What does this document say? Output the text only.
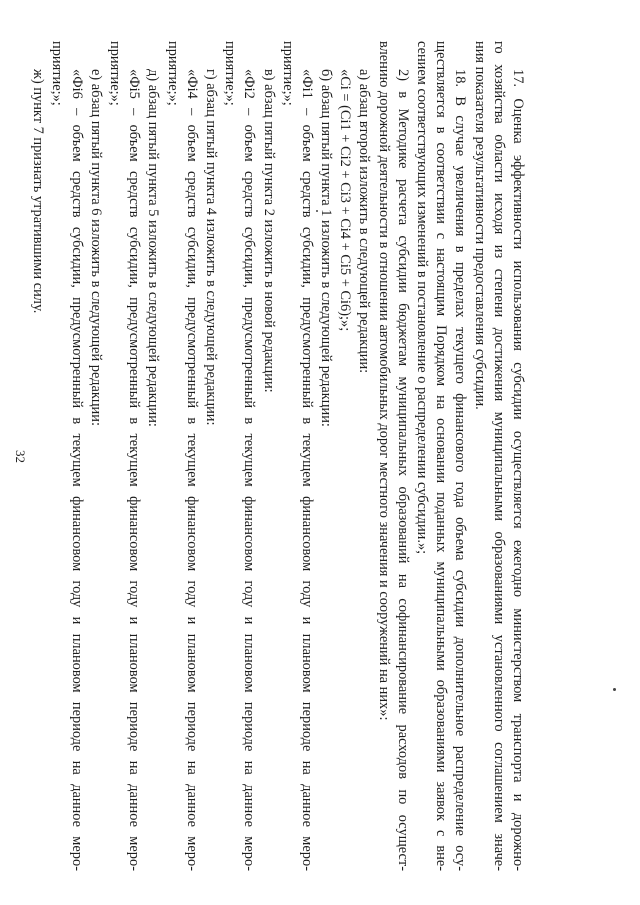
32	17. Оценка эффективности использования субсидии осуществляется ежегодно министерством транспорта и дорожно-
го хозяйства области исходя из степени достижения муниципальными образованиями установленного соглашением значе-
ния показателя результативности предоставления субсидии.
18. В случае увеличения в пределах текущего финансового года объема субсидии дополнительное распределение осу-
ществляется в соответствии с настоящим Порядком на основании поданных муниципальными образованиями заявок с вне-
сением соответствующих изменений в постановление о распределении субсидии.»;
2) в Методике расчета субсидии бюджетам муниципальных образований на софинансирование расходов по осущест-
влению дорожной деятельности в отношении автомобильных дорог местного значения и сооружений на них»:
а) абзац второй изложить в следующей редакции:
«Ci = (Ci1 + Ci2 + Ci3 + Ci4 + Ci5 + Ci6);»;
б) абзац пятый пункта 1 изложить в следующей редакции:
«Фi1 – объем средств субсидии, предусмотренный в текущем финансовом году и плановом периоде на данное меро-
приятие;»;
в) абзац пятый пункта 2 изложить в новой редакции:
«Фi2 – объем средств субсидии, предусмотренный в текущем финансовом году и плановом периоде на данное меро-
приятие;»;
г) абзац пятый пункта 4 изложить в следующей редакции:
«Фi4 – объем средств субсидии, предусмотренный в текущем финансовом году и плановом периоде на данное меро-
приятие;»;
д) абзац пятый пункта 5 изложить в следующей редакции:
«Фi5 – объем средств субсидии, предусмотренный в текущем финансовом году и плановом периоде на данное меро-
приятие;»;
е) абзац пятый пункта 6 изложить в следующей редакции:
«Фi6 – объем средств субсидии, предусмотренный в текущем финансовом году и плановом периоде на данное меро-
приятие;»;
ж) пункт 7 признать утратившими силу.
